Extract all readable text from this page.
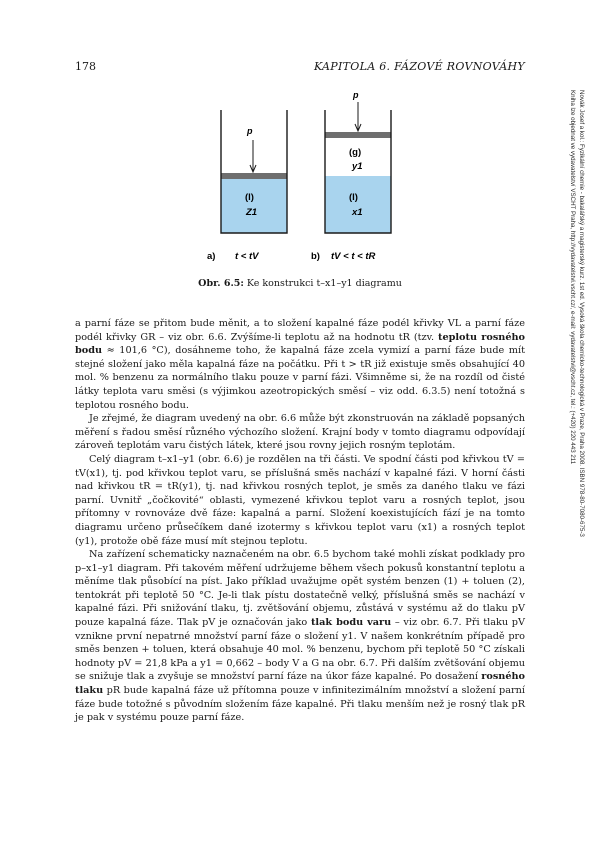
178	KAPITOLA 6. FÁZOVÉ ROVNOVÁHY
p
(l)
Z1
a) t < tV
p
(g)
y1
(l)
x1
b) tV < t < tR
Obr. 6.5: Ke konstrukci t–x1–y1 diagramu

a parní fáze se přitom bude měnit, a to složení kapalné fáze podél křivky VL a parní fáze podél křivky GR – viz obr. 6.6. Zvýšíme-li teplotu až na hodnotu tR (tzv. teplotu rosného bodu ≈ 101,6 °C), dosáhneme toho, že kapalná fáze zcela vymizí a parní fáze bude mít stejné složení jako měla kapalná fáze na počátku. Při t > tR již existuje směs obsahující 40 mol. % benzenu za normálního tlaku pouze v parní fázi. Všimněme si, že na rozdíl od čisté látky teplota varu směsi (s výjimkou azeotropických směsí – viz odd. 6.3.5) není totožná s teplotou rosného bodu.

Je zřejmé, že diagram uvedený na obr. 6.6 může být zkonstruován na základě popsaných měření s řadou směsí různého výchozího složení. Krajní body v tomto diagramu odpovídají zároveň teplotám varu čistých látek, které jsou rovny jejich rosným teplotám.

Celý diagram t–x1–y1 (obr. 6.6) je rozdělen na tři části. Ve spodní části pod křivkou tV = tV(x1), tj. pod křivkou teplot varu, se příslušná směs nachází v kapalné fázi. V horní části nad křivkou tR = tR(y1), tj. nad křivkou rosných teplot, je směs za daného tlaku ve fázi parní. Uvnitř „čočkovité“ oblasti, vymezené křivkou teplot varu a rosných teplot, jsou přítomny v rovnováze dvě fáze: kapalná a parní. Složení koexistujících fází je na tomto diagramu určeno průsečíkem dané izotermy s křivkou teplot varu (x1) a rosných teplot (y1), protože obě fáze musí mít stejnou teplotu.

Na zařízení schematicky naznačeném na obr. 6.5 bychom také mohli získat podklady pro p–x1–y1 diagram. Při takovém měření udržujeme během všech pokusů konstantní teplotu a měníme tlak působící na píst. Jako příklad uvažujme opět systém benzen (1) + toluen (2), tentokrát při teplotě 50 °C. Je-li tlak pístu dostatečně velký, příslušná směs se nachází v kapalné fázi. Při snižování tlaku, tj. zvětšování objemu, zůstává v systému až do tlaku pV pouze kapalná fáze. Tlak pV je označován jako tlak bodu varu – viz obr. 6.7. Při tlaku pV vznikne první nepatrné množství parní fáze o složení y1. V našem konkrétním případě pro směs benzen + toluen, která obsahuje 40 mol. % benzenu, bychom při teplotě 50 °C získali hodnoty pV = 21,8 kPa a y1 = 0,662 – body V a G na obr. 6.7. Při dalším zvětšování objemu se snižuje tlak a zvyšuje se množství parní fáze na úkor fáze kapalné. Po dosažení rosného tlaku pR bude kapalná fáze už přítomna pouze v infinitezimálním množství a složení parní fáze bude totožné s původním složením fáze kapalné. Při tlaku menším než je rosný tlak pR je pak v systému pouze parní fáze.

Novák Josef a kol.: Fyzikální chemie - bakalářský a magisterský kurz. 1st ed. Vysoká škola chemicko-technologická v Praze, Praha 2008. ISBN 978-80-7080-675-3
Kniha lze objednat ve vydavatelství VŠCHT Praha, http://vydavatelstvi.vscht.cz/, e-mail: vydavatelstvi@vscht.cz, tel.: (+420) 220 443 211
